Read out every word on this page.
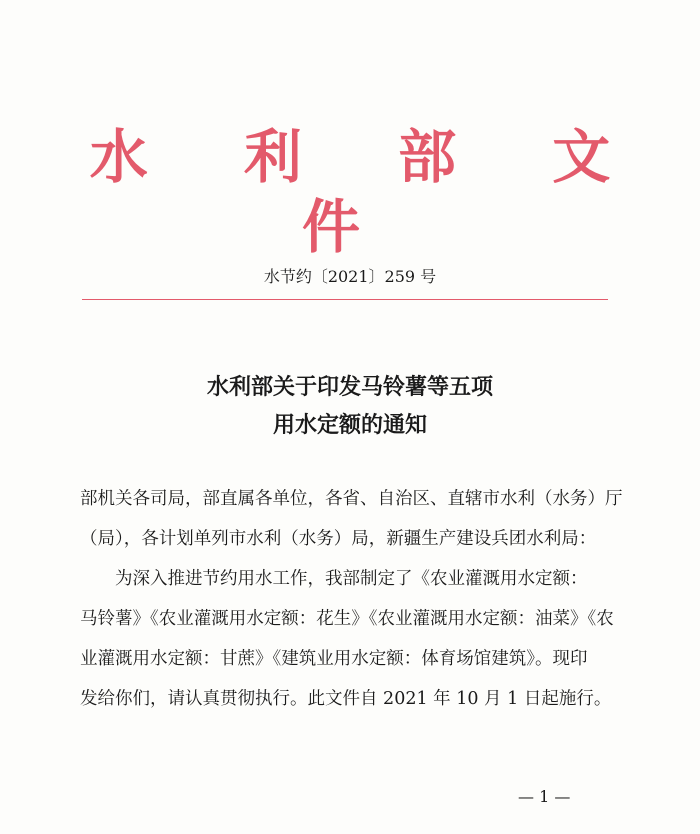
水 利 部 文 件
水节约〔2021〕259 号
水利部关于印发马铃薯等五项
用水定额的通知
部机关各司局，部直属各单位，各省、自治区、直辖市水利（水务）厅
（局），各计划单列市水利（水务）局，新疆生产建设兵团水利局：
为深入推进节约用水工作，我部制定了《农业灌溉用水定额：
马铃薯》《农业灌溉用水定额：花生》《农业灌溉用水定额：油菜》《农
业灌溉用水定额：甘蔗》《建筑业用水定额：体育场馆建筑》。现印
发给你们，请认真贯彻执行。此文件自 2021 年 10 月 1 日起施行。
— 1 —
